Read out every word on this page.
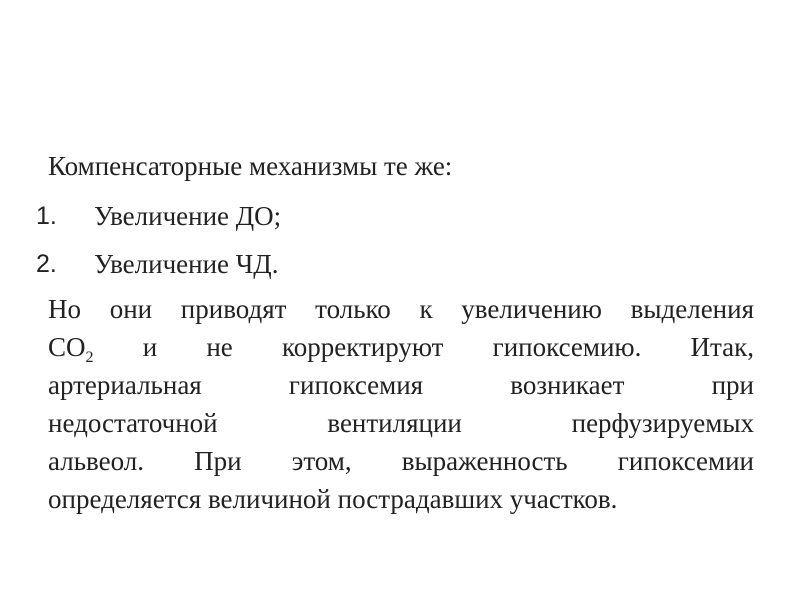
Компенсаторные механизмы те же:
1. Увеличение ДО;
2. Увеличение ЧД.
Но они приводят только к увеличению выделения
$СО_2$ и не корректируют гипоксемию. Итак,
артериальная гипоксемия возникает при
недостаточной вентиляции перфузируемых
альвеол. При этом, выраженность гипоксемии
определяется величиной пострадавших участков.
